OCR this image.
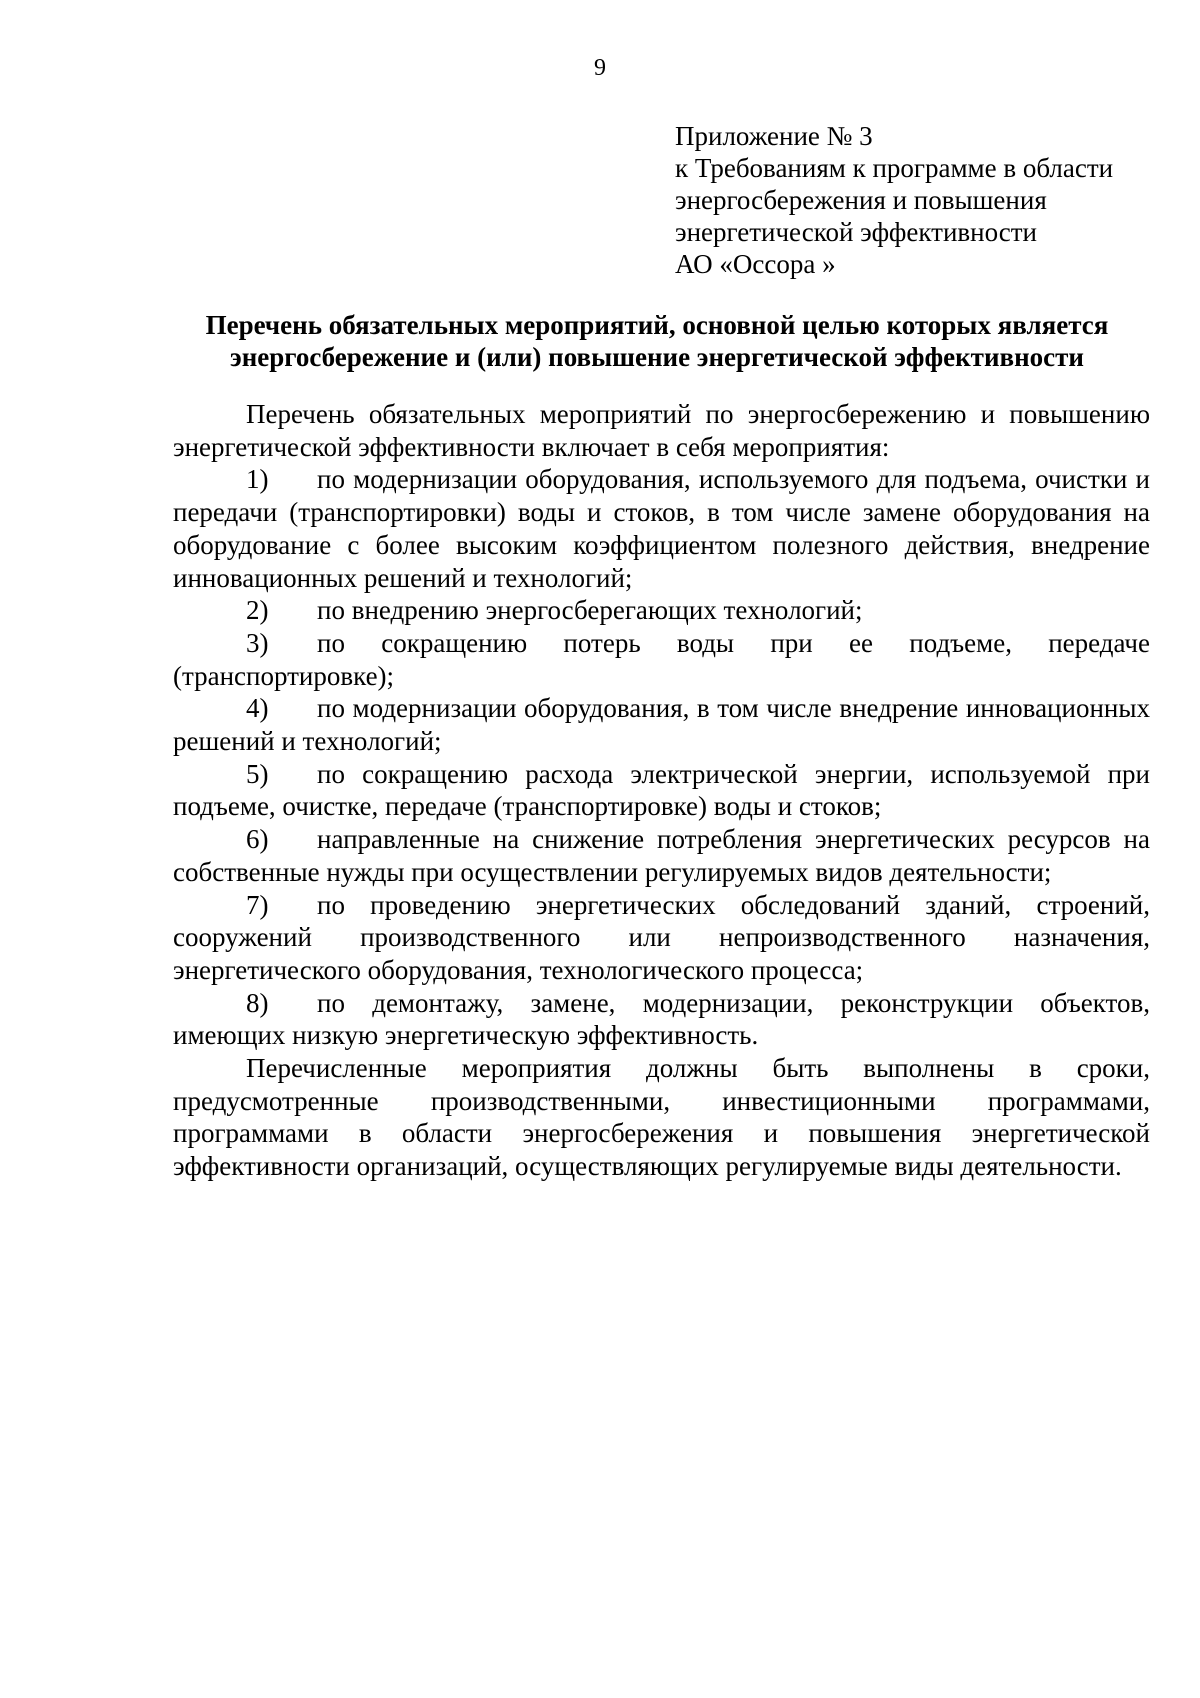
9
Приложение № 3
к Требованиям к программе в области
энергосбережения и повышения
энергетической эффективности
АО «Оссора »
Перечень обязательных мероприятий, основной целью которых является энергосбережение и (или) повышение энергетической эффективности

Перечень обязательных мероприятий по энергосбережению и повышению энергетической эффективности включает в себя мероприятия:

1) по модернизации оборудования, используемого для подъема, очистки и передачи (транспортировки) воды и стоков, в том числе замене оборудования на оборудование с более высоким коэффициентом полезного действия, внедрение инновационных решений и технологий;

2) по внедрению энергосберегающих технологий;

3) по сокращению потерь воды при ее подъеме, передаче (транспортировке);

4) по модернизации оборудования, в том числе внедрение инновационных решений и технологий;

5) по сокращению расхода электрической энергии, используемой при подъеме, очистке, передаче (транспортировке) воды и стоков;

6) направленные на снижение потребления энергетических ресурсов на собственные нужды при осуществлении регулируемых видов деятельности;

7) по проведению энергетических обследований зданий, строений, сооружений производственного или непроизводственного назначения, энергетического оборудования, технологического процесса;

8) по демонтажу, замене, модернизации, реконструкции объектов, имеющих низкую энергетическую эффективность.

Перечисленные мероприятия должны быть выполнены в сроки, предусмотренные производственными, инвестиционными программами, программами в области энергосбережения и повышения энергетической эффективности организаций, осуществляющих регулируемые виды деятельности.
